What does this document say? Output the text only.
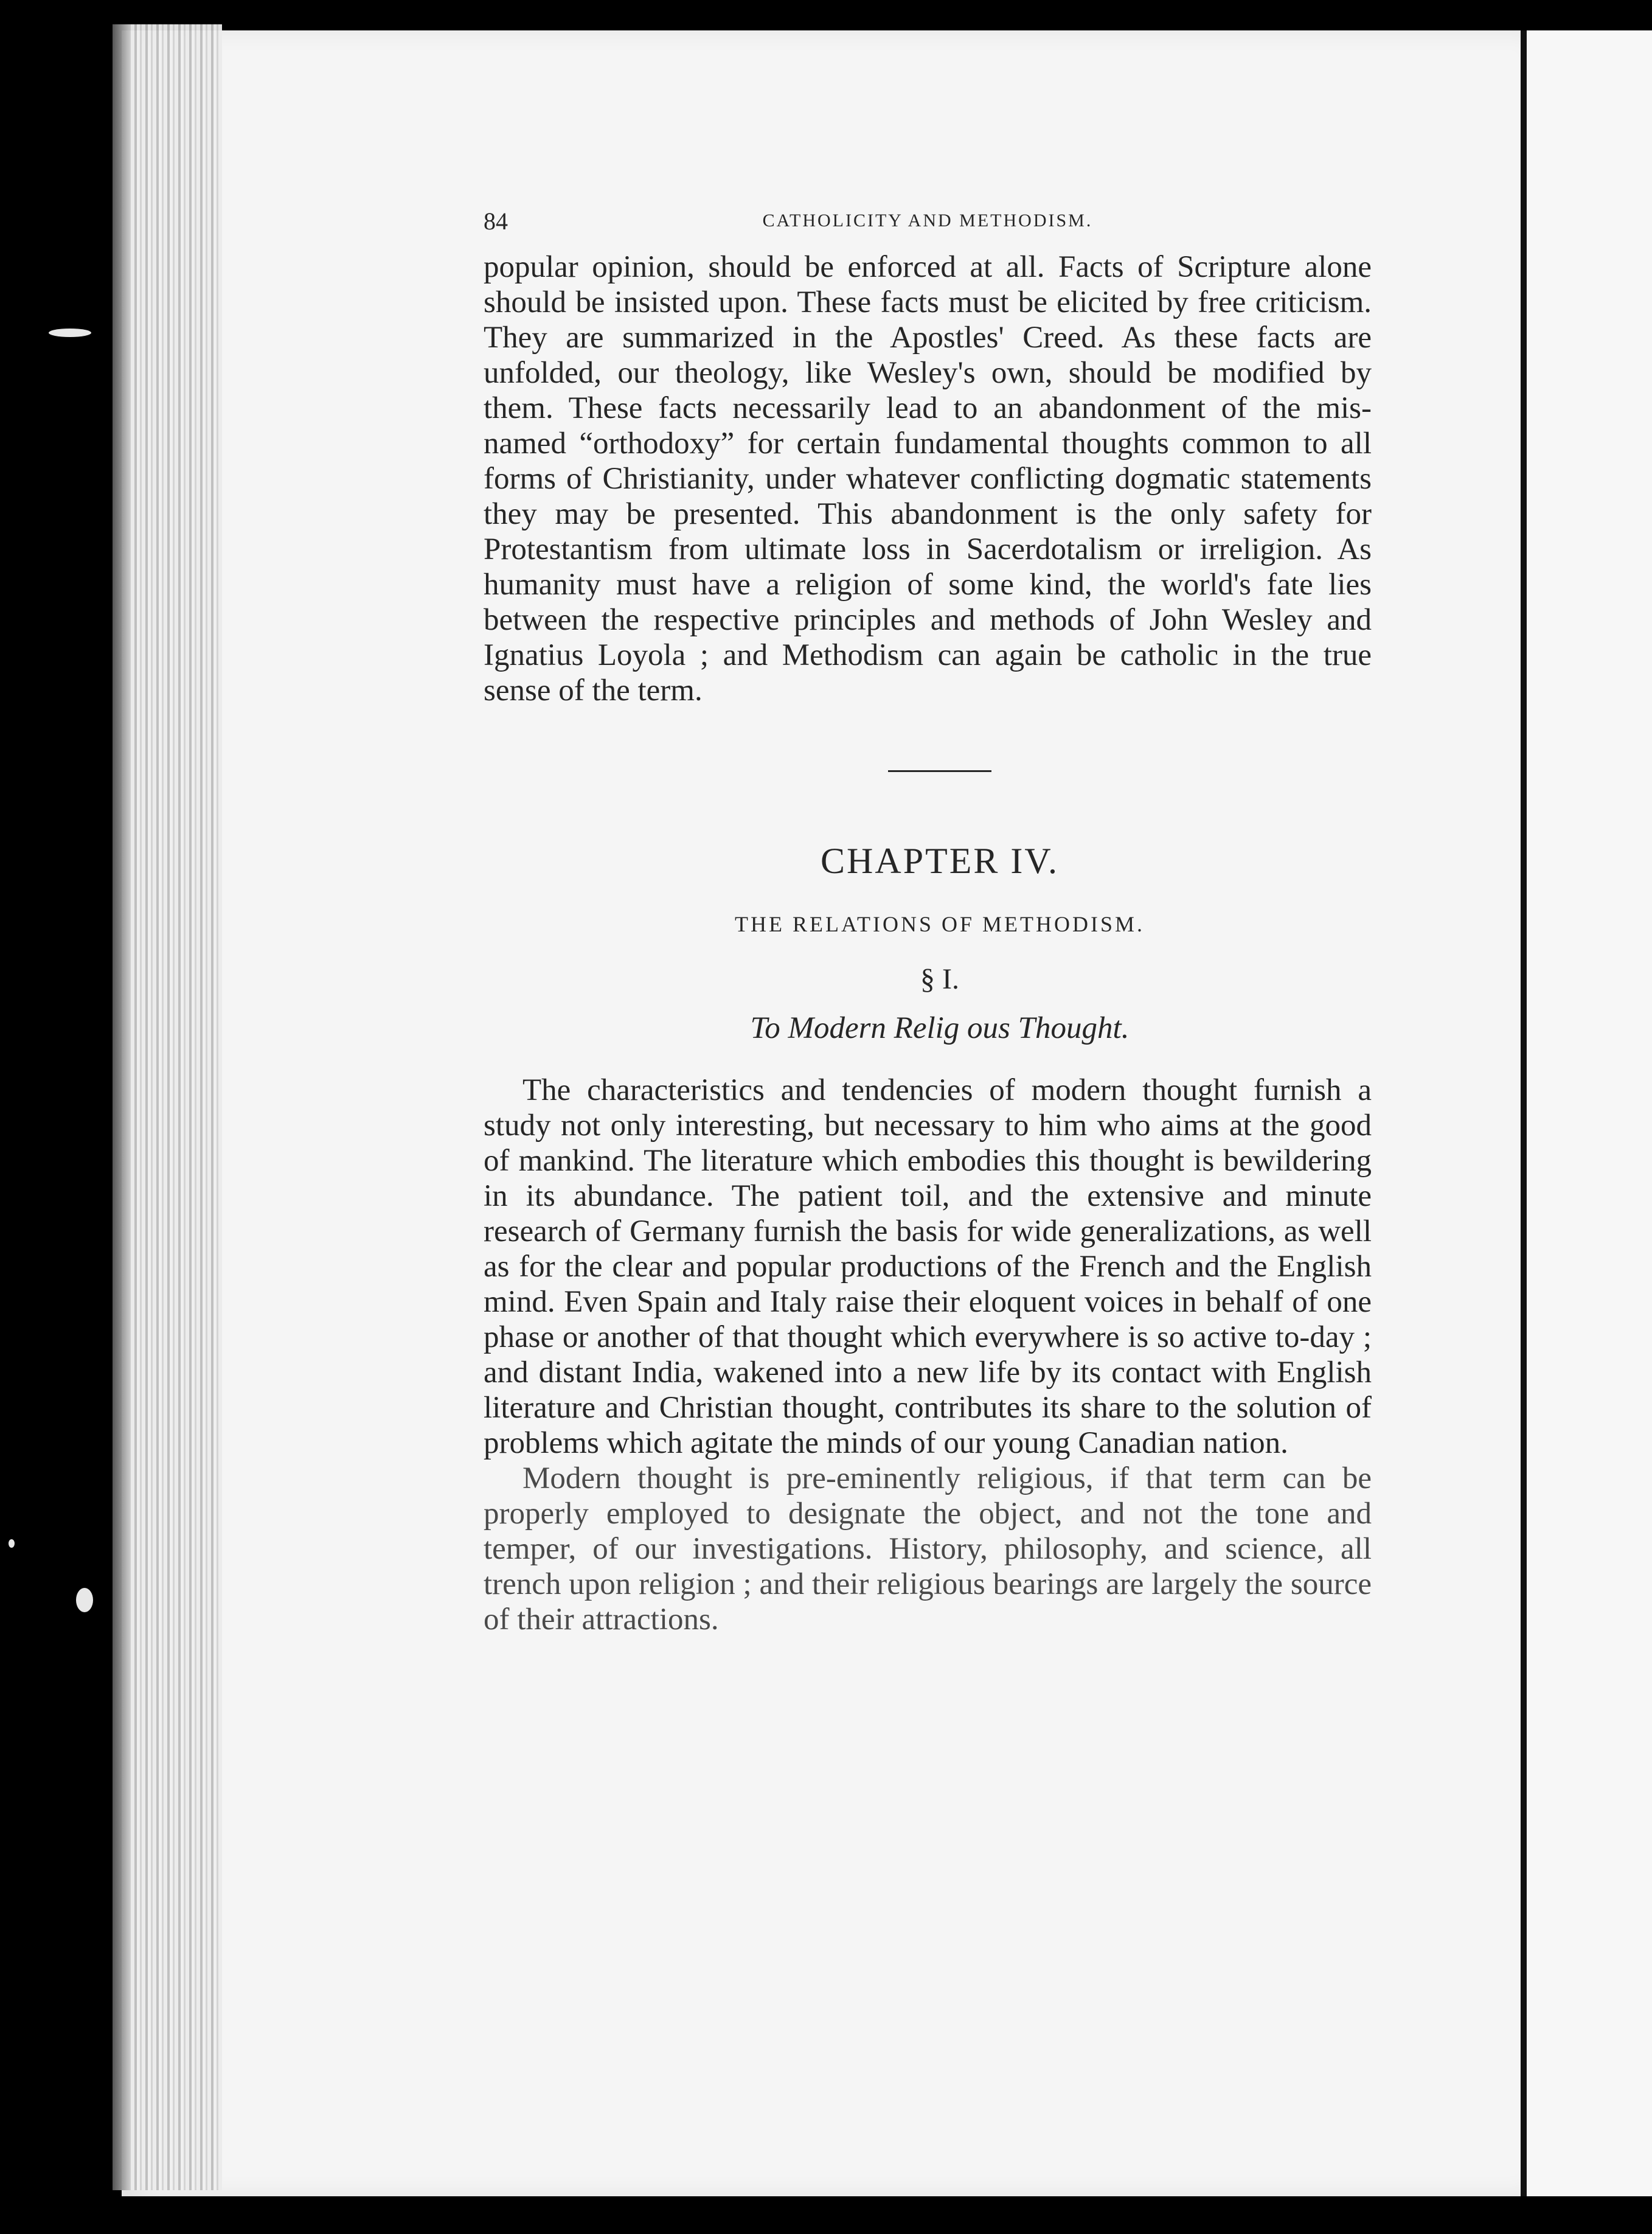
84	CATHOLICITY AND METHODISM.

popular opinion, should be enforced at all. Facts of Scripture alone should be insisted upon. These facts must be elicited by free criticism. They are summarized in the Apostles' Creed. As these facts are unfolded, our theology, like Wesley's own, should be modified by them. These facts necessarily lead to an abandonment of the mis-named “orthodoxy” for certain fundamental thoughts common to all forms of Christianity, under whatever conflicting dogmatic statements they may be presented. This abandonment is the only safety for Protestantism from ultimate loss in Sacerdotalism or irreligion. As humanity must have a religion of some kind, the world's fate lies between the respective principles and methods of John Wesley and Ignatius Loyola ; and Methodism can again be catholic in the true sense of the term.

CHAPTER IV.
THE RELATIONS OF METHODISM.
§ I.
To Modern Relig ous Thought.

The characteristics and tendencies of modern thought furnish a study not only interesting, but necessary to him who aims at the good of mankind. The literature which embodies this thought is bewildering in its abundance. The patient toil, and the extensive and minute research of Germany furnish the basis for wide generalizations, as well as for the clear and popular productions of the French and the English mind. Even Spain and Italy raise their eloquent voices in behalf of one phase or another of that thought which everywhere is so active to-day ; and distant India, wakened into a new life by its contact with English literature and Christian thought, contributes its share to the solution of problems which agitate the minds of our young Canadian nation.

Modern thought is pre-eminently religious, if that term can be properly employed to designate the object, and not the tone and temper, of our investigations. History, philosophy, and science, all trench upon religion ; and their religious bearings are largely the source of their attractions.
